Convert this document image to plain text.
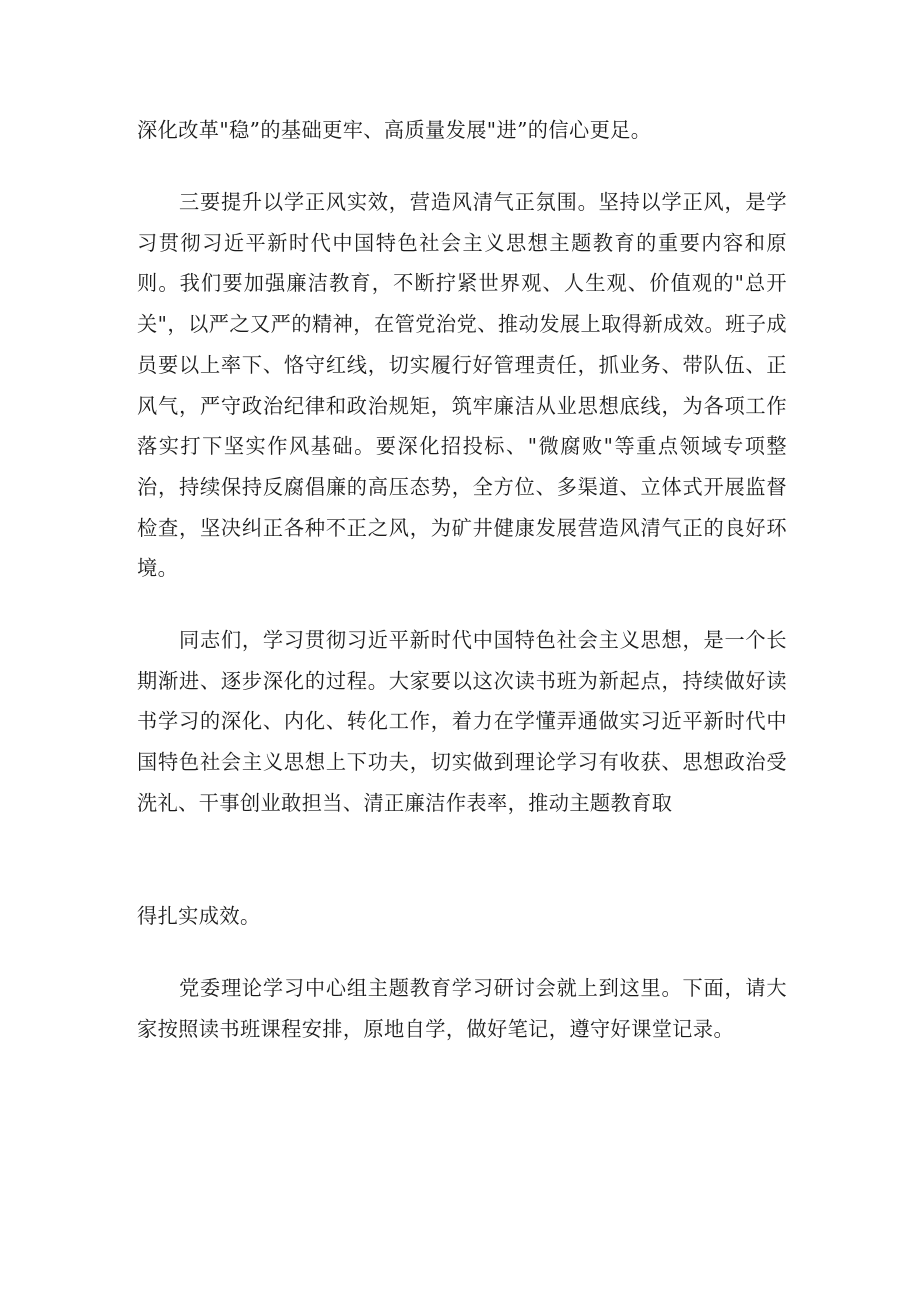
深化改革"稳”的基础更牢、高质量发展"进”的信心更足。

三要提升以学正风实效，营造风清气正氛围。坚持以学正风，是学习贯彻习近平新时代中国特色社会主义思想主题教育的重要内容和原则。我们要加强廉洁教育，不断拧紧世界观、人生观、价值观的"总开关"，以严之又严的精神，在管党治党、推动发展上取得新成效。班子成员要以上率下、恪守红线，切实履行好管理责任，抓业务、带队伍、正风气，严守政治纪律和政治规矩，筑牢廉洁从业思想底线，为各项工作落实打下坚实作风基础。要深化招投标、"微腐败"等重点领域专项整治，持续保持反腐倡廉的高压态势，全方位、多渠道、立体式开展监督检查，坚决纠正各种不正之风，为矿井健康发展营造风清气正的良好环境。

同志们，学习贯彻习近平新时代中国特色社会主义思想，是一个长期渐进、逐步深化的过程。大家要以这次读书班为新起点，持续做好读书学习的深化、内化、转化工作，着力在学懂弄通做实习近平新时代中国特色社会主义思想上下功夫，切实做到理论学习有收获、思想政治受洗礼、干事创业敢担当、清正廉洁作表率，推动主题教育取

得扎实成效。

党委理论学习中心组主题教育学习研讨会就上到这里。下面，请大家按照读书班课程安排，原地自学，做好笔记，遵守好课堂记录。
